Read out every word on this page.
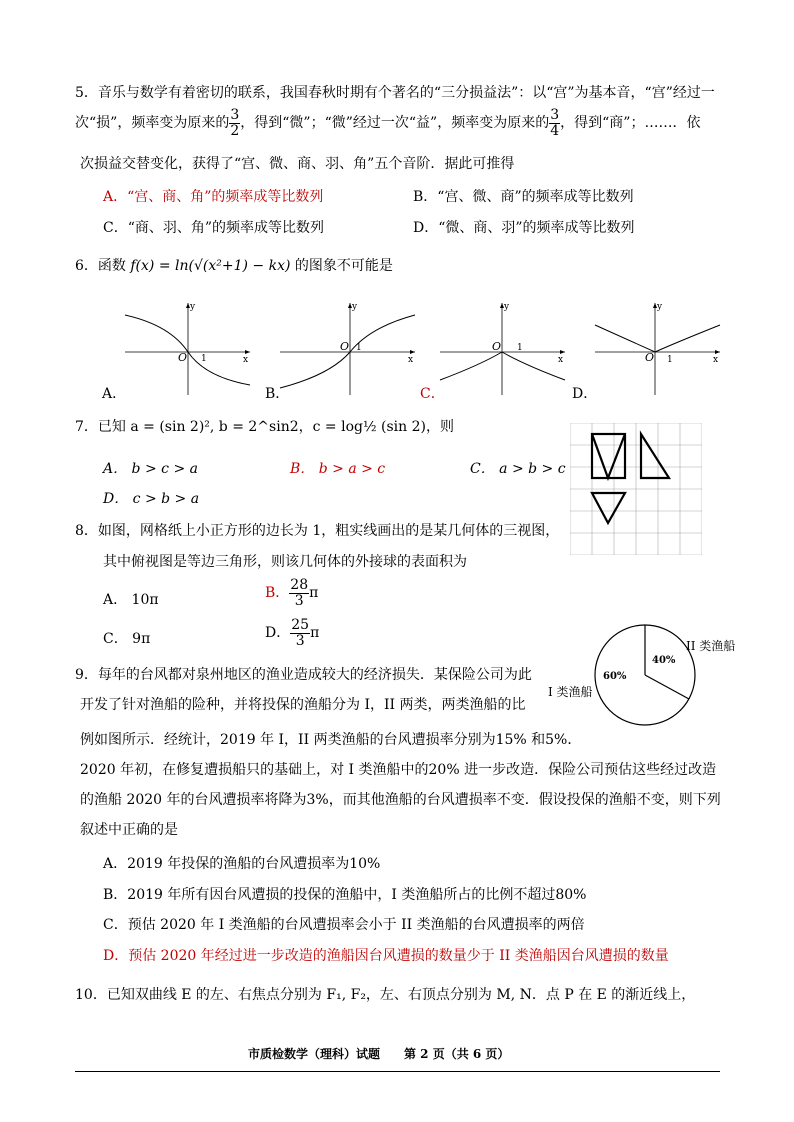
5．音乐与数学有着密切的联系，我国春秋时期有个著名的“三分损益法”：以“宫”为基本音，“宫”经过一
次“损”，频率变为原来的 $\frac{3}{2}$ ，得到“微”；“微”经过一次“益”，频率变为原来的 $\frac{3}{4}$ ，得到“商”；……．依
次损益交替变化，获得了“宫、微、商、羽、角”五个音阶．据此可推得
A．“宫、商、角”的频率成等比数列	B．“宫、微、商”的频率成等比数列
C．“商、羽、角”的频率成等比数列	D．“微、商、羽”的频率成等比数列
6．函数 f(x) = ln(√(x²+1) − kx) 的图象不可能是
y
x
O 1
y
x
O 1
y
x
O 1
y
x
O 1
A．	B．	C．	D．
7．已知 a = (sin 2)², b = 2^sin2，c = log½ (sin 2)，则
A． b > c > a	B． b > a > c	C． a > b > c
D． c > b > a
8．如图，网格纸上小正方形的边长为 1，粗实线画出的是某几何体的三视图，
其中俯视图是等边三角形，则该几何体的外接球的表面积为
A． 10π	B． $\frac{28}{3}$ π
C． 9π	D． $\frac{25}{3}$ π
40%
60%
II 类渔船
I 类渔船
9．每年的台风都对泉州地区的渔业造成较大的经济损失．某保险公司为此
开发了针对渔船的险种，并将投保的渔船分为 I，II 两类，两类渔船的比
例如图所示．经统计，2019 年 I，II 两类渔船的台风遭损率分别为15% 和5%．
2020 年初，在修复遭损船只的基础上，对 I 类渔船中的20% 进一步改造．保险公司预估这些经过改造
的渔船 2020 年的台风遭损率将降为3%，而其他渔船的台风遭损率不变．假设投保的渔船不变，则下列
叙述中正确的是
A．2019 年投保的渔船的台风遭损率为10%
B．2019 年所有因台风遭损的投保的渔船中，I 类渔船所占的比例不超过80%
C．预估 2020 年 I 类渔船的台风遭损率会小于 II 类渔船的台风遭损率的两倍
D．预估 2020 年经过进一步改造的渔船因台风遭损的数量少于 II 类渔船因台风遭损的数量
10．已知双曲线 E 的左、右焦点分别为 F₁, F₂，左、右顶点分别为 M, N．点 P 在 E 的渐近线上，
市质检数学（理科）试题　　第 2 页（共 6 页）
